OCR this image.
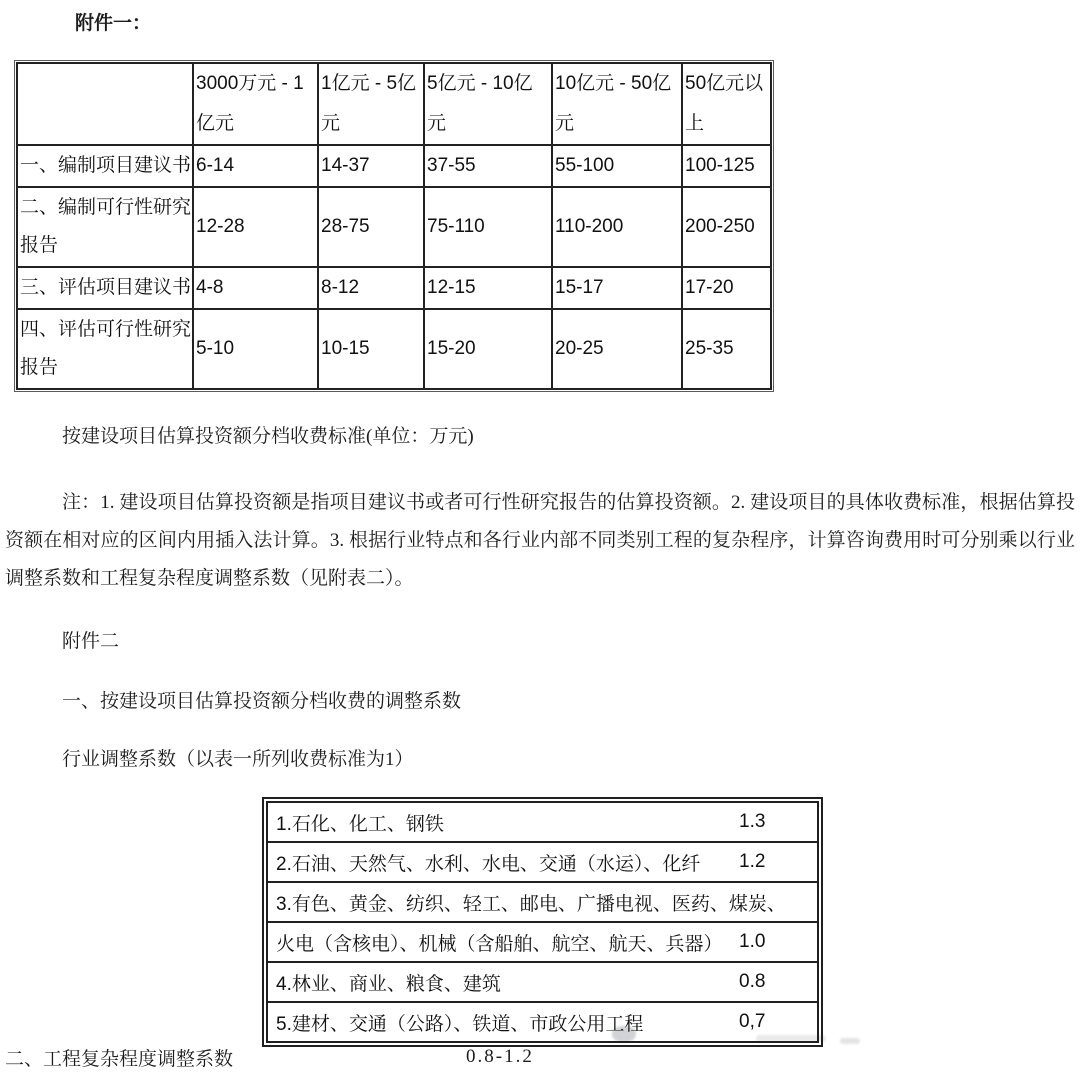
附件一：
	3000万元 - 1亿元	1亿元 - 5亿元	5亿元 - 10亿元	10亿元 - 50亿元	50亿元以上
一、编制项目建议书	6-14	14-37	37-55	55-100	100-125
二、编制可行性研究报告	12-28	28-75	75-110	110-200	200-250
三、评估项目建议书	4-8	8-12	12-15	15-17	17-20
四、评估可行性研究报告	5-10	10-15	15-20	20-25	25-35
按建设项目估算投资额分档收费标准(单位：万元)
注：1. 建设项目估算投资额是指项目建议书或者可行性研究报告的估算投资额。2. 建设项目的具体收费标准，根据估算投资额在相对应的区间内用插入法计算。3. 根据行业特点和各行业内部不同类别工程的复杂程序，计算咨询费用时可分别乘以行业调整系数和工程复杂程度调整系数（见附表二）。
附件二
一、按建设项目估算投资额分档收费的调整系数
行业调整系数（以表一所列收费标准为1）
1.石化、化工、钢铁	1.3
2.石油、天然气、水利、水电、交通（水运）、化纤	1.2
3.有色、黄金、纺织、轻工、邮电、广播电视、医药、煤炭、
火电（含核电）、机械（含船舶、航空、航天、兵器） 1.0
4.林业、商业、粮食、建筑	0.8
5.建材、交通（公路）、铁道、市政公用工程	0,7
0.8-1.2
二、工程复杂程度调整系数
